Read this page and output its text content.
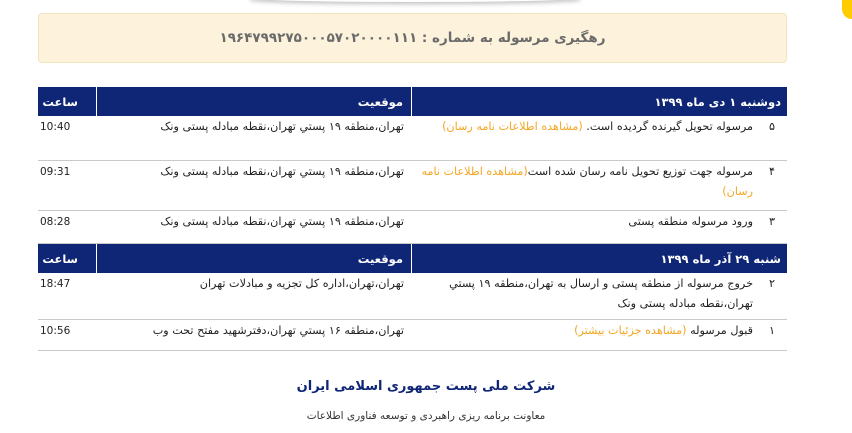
رهگیری مرسوله به شماره : ۱۹۶۴۷۹۹۲۷۵۰۰۰۵۷۰۲۰۰۰۰۱۱۱
دوشنبه ۱ دی ماه ۱۳۹۹
موقعیت
ساعت
۵
مرسوله تحویل گیرنده گردیده است. (مشاهده اطلاعات نامه رسان)
تهران،منطقه ۱۹ پستي تهران،نقطه مبادله پستی ونک
10:40
۴
مرسوله جهت توزیع تحویل نامه رسان شده است(مشاهده اطلاعات نامه رسان)
تهران،منطقه ۱۹ پستي تهران،نقطه مبادله پستی ونک
09:31
۳
ورود مرسوله منطقه پستی
تهران،منطقه ۱۹ پستي تهران،نقطه مبادله پستی ونک
08:28
شنبه ۲۹ آذر ماه ۱۳۹۹
موقعیت
ساعت
۲
خروج مرسوله از منطقه پستی و ارسال به تهران،منطقه ۱۹ پستي تهران،نقطه مبادله پستی ونک
تهران،تهران،اداره کل تجزیه و مبادلات تهران
18:47
۱
قبول مرسوله (مشاهده جزئیات بیشتر)
تهران،منطقه ۱۶ پستي تهران،دفترشهید مفتح تحت وب
10:56
شرکت ملی پست جمهوری اسلامی ایران
معاونت برنامه ریزی راهبردی و توسعه فناوری اطلاعات
